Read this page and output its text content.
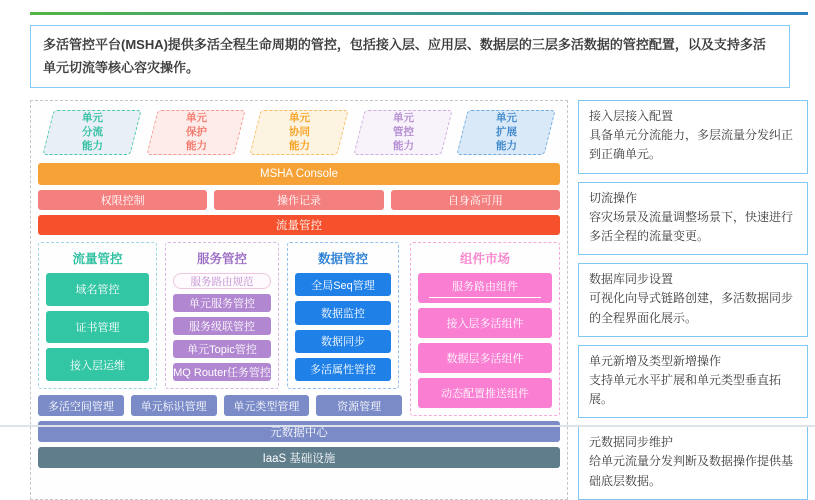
多活管控平台(MSHA)提供多活全程生命周期的管控，包括接入层、应用层、数据层的三层多活数据的管控配置，以及支持多活单元切流等核心容灾操作。
单元
分流
能力
单元
保护
能力
单元
协同
能力
单元
管控
能力
单元
扩展
能力
MSHA Console
权限控制	操作记录	自身高可用
流量管控
流量管控
域名管控
证书管理
接入层运维
服务管控
服务路由规范
单元服务管控
服务级联管控
单元Topic管控
MQ Router任务管控
数据管控
全局Seq管理
数据监控
数据同步
多活属性管控
多活空间管理	单元标识管理	单元类型管理	资源管理
组件市场
服务路由组件
接入层多活组件
数据层多活组件
动态配置推送组件
元数据中心
IaaS 基础设施
接入层接入配置
具备单元分流能力，多层流量分发纠正到正确单元。
切流操作
容灾场景及流量调整场景下，快速进行多活全程的流量变更。
数据库同步设置
可视化向导式链路创建，多活数据同步的全程界面化展示。
单元新增及类型新增操作
支持单元水平扩展和单元类型垂直拓展。
元数据同步维护
给单元流量分发判断及数据操作提供基础底层数据。
